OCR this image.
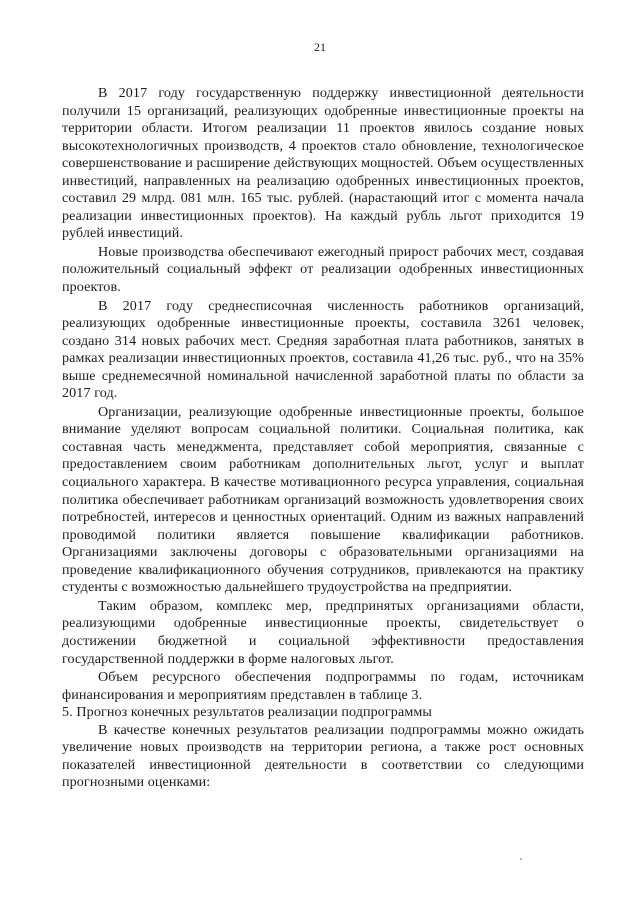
21

В 2017 году государственную поддержку инвестиционной деятельности получили 15 организаций, реализующих одобренные инвестиционные проекты на территории области. Итогом реализации 11 проектов явилось создание новых высокотехнологичных производств, 4 проектов стало обновление, технологическое совершенствование и расширение действующих мощностей. Объем осуществленных инвестиций, направленных на реализацию одобренных инвестиционных проектов, составил 29 млрд. 081 млн. 165 тыс. рублей. (нарастающий итог с момента начала реализации инвестиционных проектов). На каждый рубль льгот приходится 19 рублей инвестиций.

Новые производства обеспечивают ежегодный прирост рабочих мест, создавая положительный социальный эффект от реализации одобренных инвестиционных проектов.

В 2017 году среднесписочная численность работников организаций, реализующих одобренные инвестиционные проекты, составила 3261 человек, создано 314 новых рабочих мест. Средняя заработная плата работников, занятых в рамках реализации инвестиционных проектов, составила 41,26 тыс. руб., что на 35% выше среднемесячной номинальной начисленной заработной платы по области за 2017 год.

Организации, реализующие одобренные инвестиционные проекты, большое внимание уделяют вопросам социальной политики. Социальная политика, как составная часть менеджмента, представляет собой мероприятия, связанные с предоставлением своим работникам дополнительных льгот, услуг и выплат социального характера. В качестве мотивационного ресурса управления, социальная политика обеспечивает работникам организаций возможность удовлетворения своих потребностей, интересов и ценностных ориентаций. Одним из важных направлений проводимой политики является повышение квалификации работников. Организациями заключены договоры с образовательными организациями на проведение квалификационного обучения сотрудников, привлекаются на практику студенты с возможностью дальнейшего трудоустройства на предприятии.

Таким образом, комплекс мер, предпринятых организациями области, реализующими одобренные инвестиционные проекты, свидетельствует о достижении бюджетной и социальной эффективности предоставления государственной поддержки в форме налоговых льгот.

Объем ресурсного обеспечения подпрограммы по годам, источникам финансирования и мероприятиям представлен в таблице 3.

5. Прогноз конечных результатов реализации подпрограммы

В качестве конечных результатов реализации подпрограммы можно ожидать увеличение новых производств на территории региона, а также рост основных показателей инвестиционной деятельности в соответствии со следующими прогнозными оценками:
